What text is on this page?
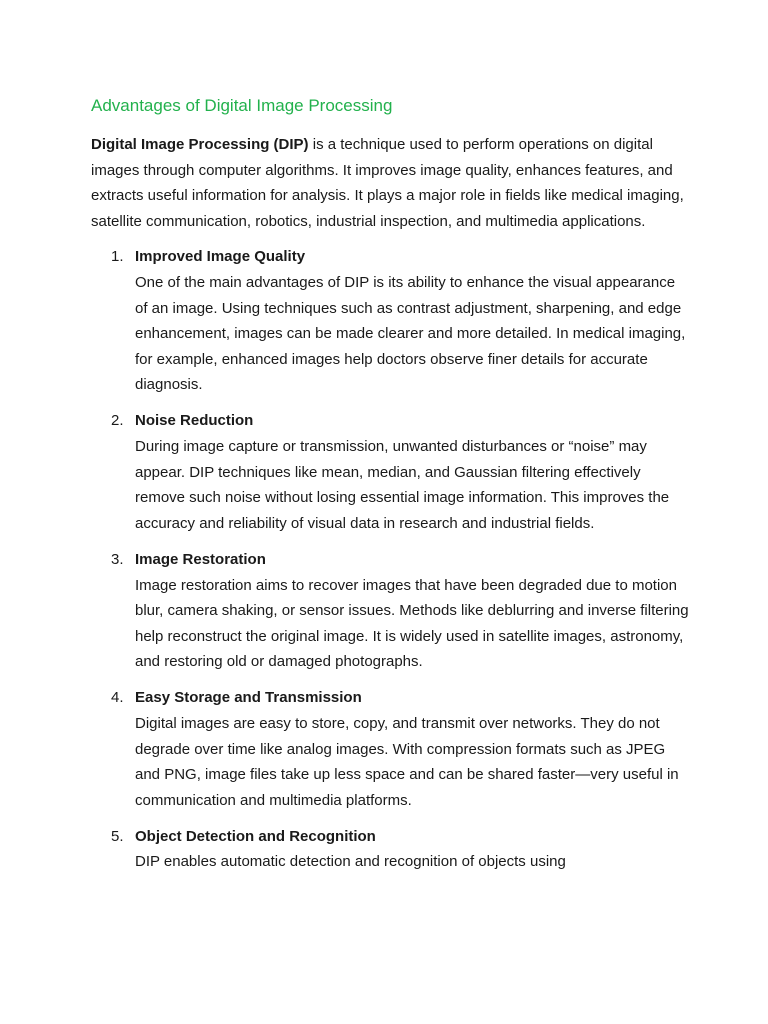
Advantages of Digital Image Processing

Digital Image Processing (DIP) is a technique used to perform operations on digital images through computer algorithms. It improves image quality, enhances features, and extracts useful information for analysis. It plays a major role in fields like medical imaging, satellite communication, robotics, industrial inspection, and multimedia applications.

1. Improved Image Quality
One of the main advantages of DIP is its ability to enhance the visual appearance of an image. Using techniques such as contrast adjustment, sharpening, and edge enhancement, images can be made clearer and more detailed. In medical imaging, for example, enhanced images help doctors observe finer details for accurate diagnosis.
2. Noise Reduction
During image capture or transmission, unwanted disturbances or “noise” may appear. DIP techniques like mean, median, and Gaussian filtering effectively remove such noise without losing essential image information. This improves the accuracy and reliability of visual data in research and industrial fields.
3. Image Restoration
Image restoration aims to recover images that have been degraded due to motion blur, camera shaking, or sensor issues. Methods like deblurring and inverse filtering help reconstruct the original image. It is widely used in satellite images, astronomy, and restoring old or damaged photographs.
4. Easy Storage and Transmission
Digital images are easy to store, copy, and transmit over networks. They do not degrade over time like analog images. With compression formats such as JPEG and PNG, image files take up less space and can be shared faster—very useful in communication and multimedia platforms.
5. Object Detection and Recognition
DIP enables automatic detection and recognition of objects using
